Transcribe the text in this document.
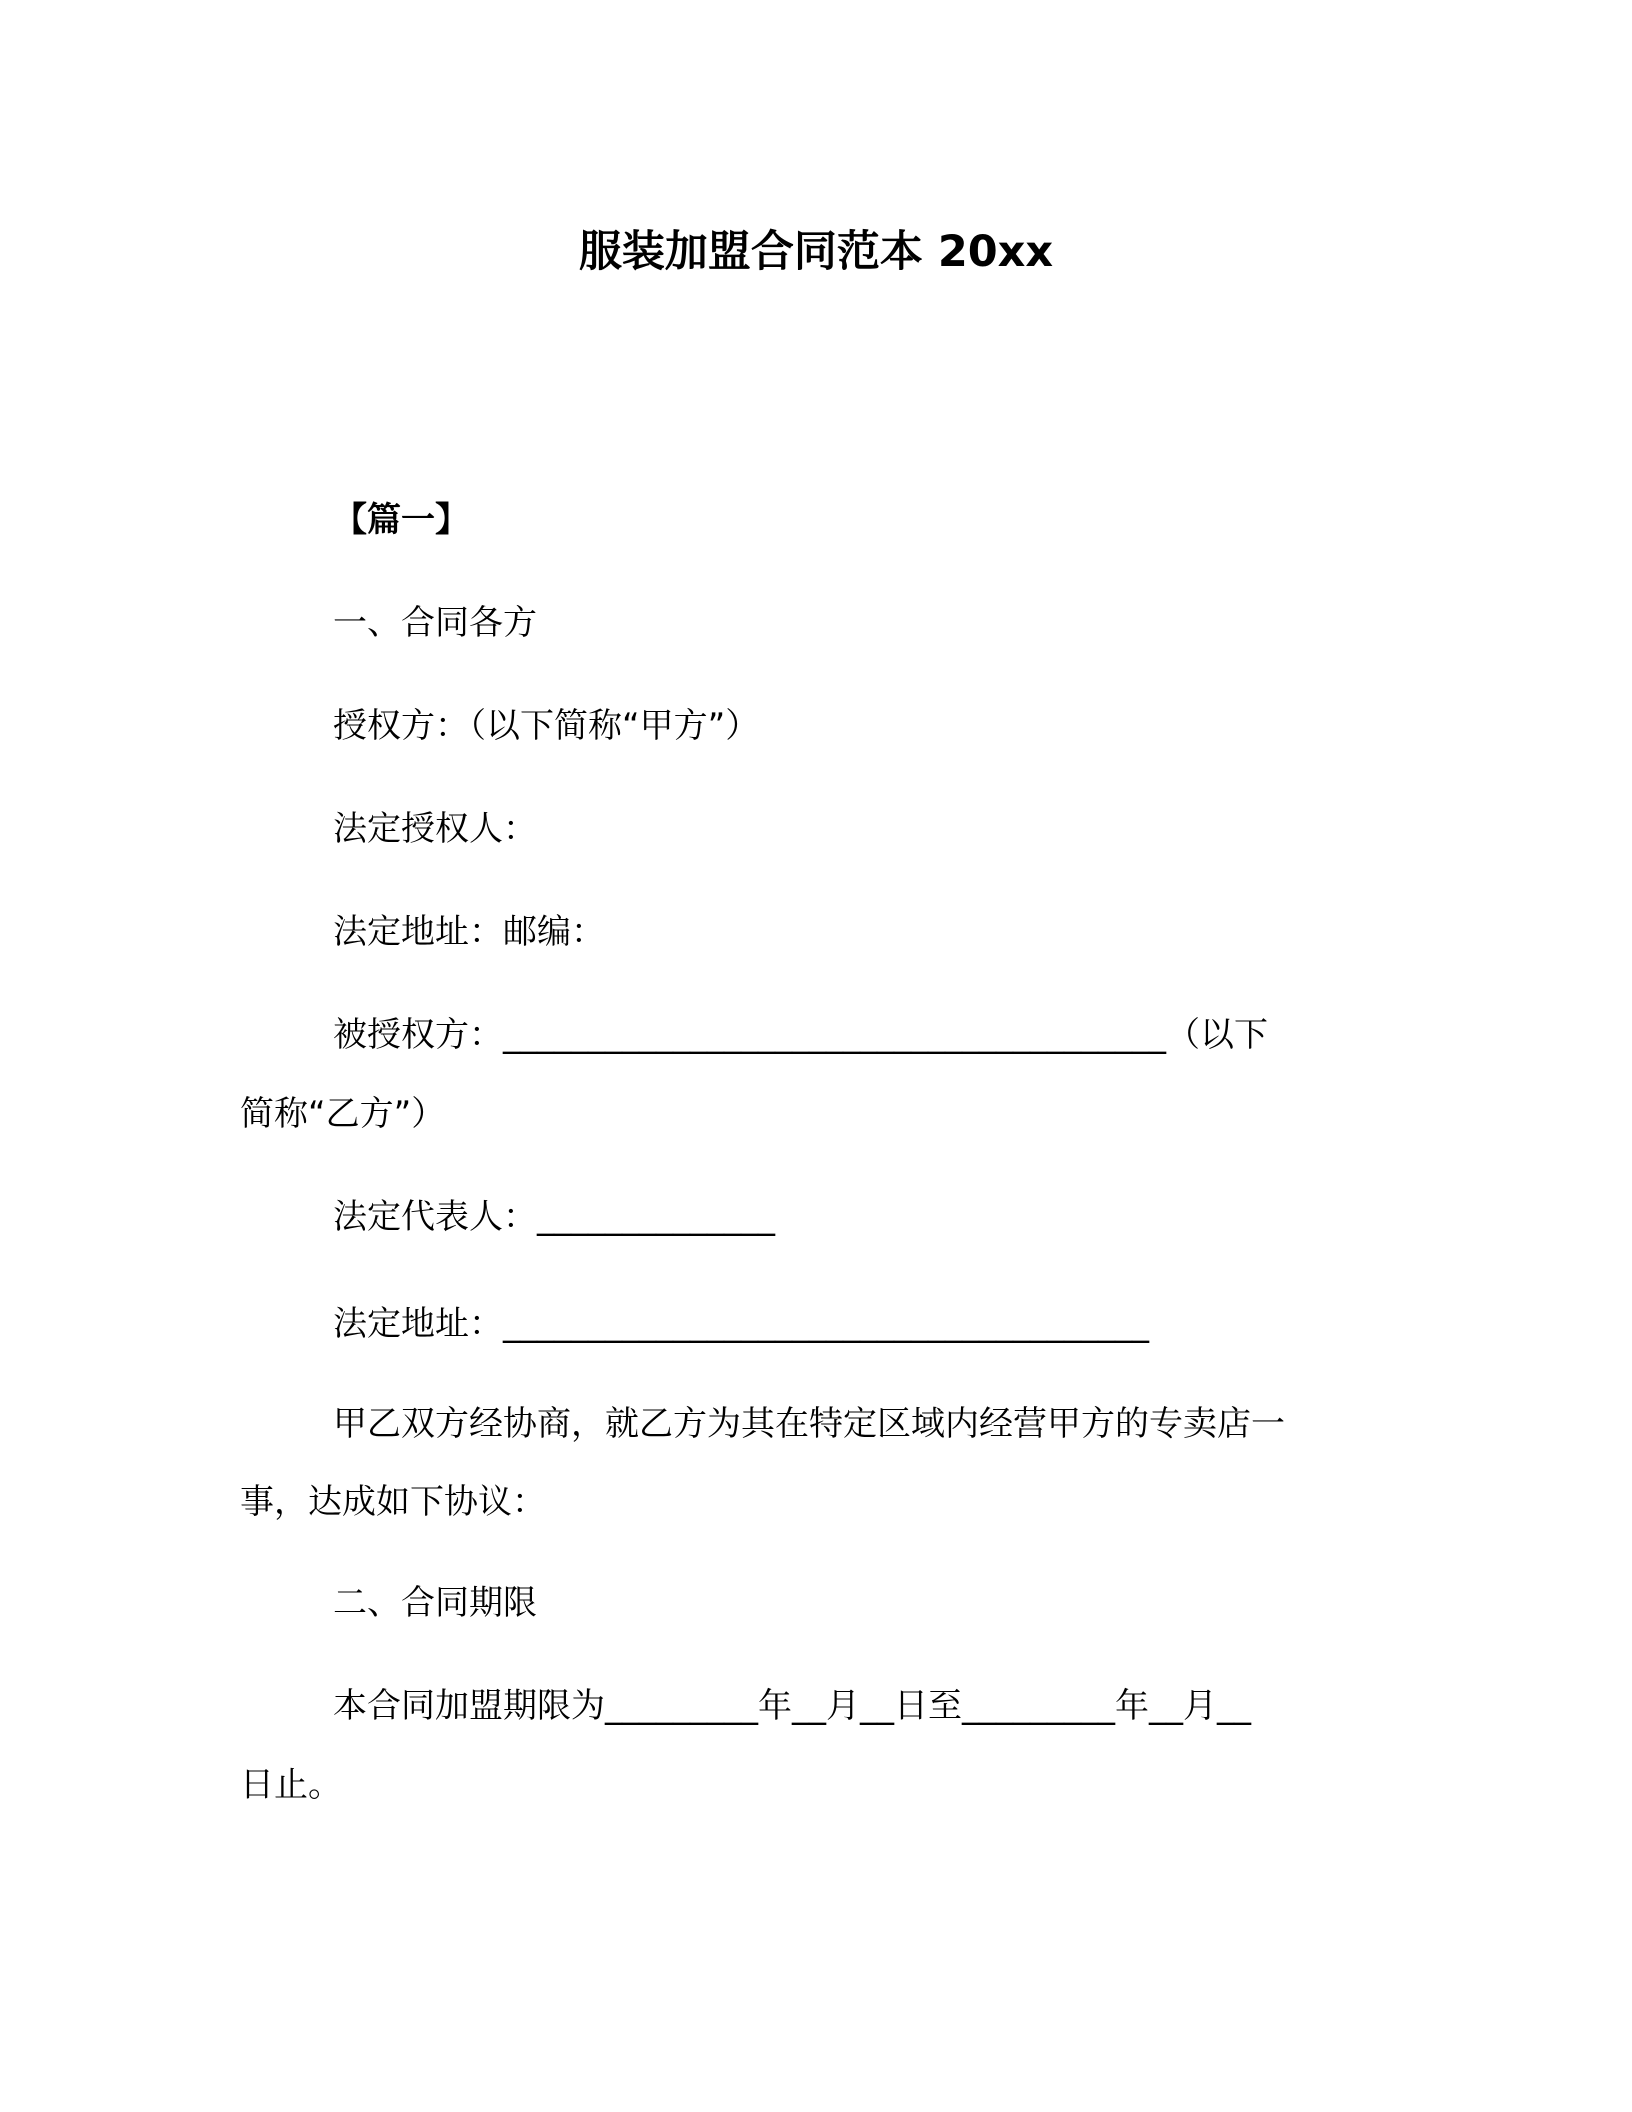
服装加盟合同范本 20xx
【篇一】
一、合同各方
授权方：（以下简称“甲方”）
法定授权人：
法定地址：邮编：
被授权方：_______________________________________（以下
简称“乙方”）
法定代表人：______________
法定地址：______________________________________
甲乙双方经协商，就乙方为其在特定区域内经营甲方的专卖店一
事，达成如下协议：
二、合同期限
本合同加盟期限为_________年__月__日至_________年__月__
日止。
